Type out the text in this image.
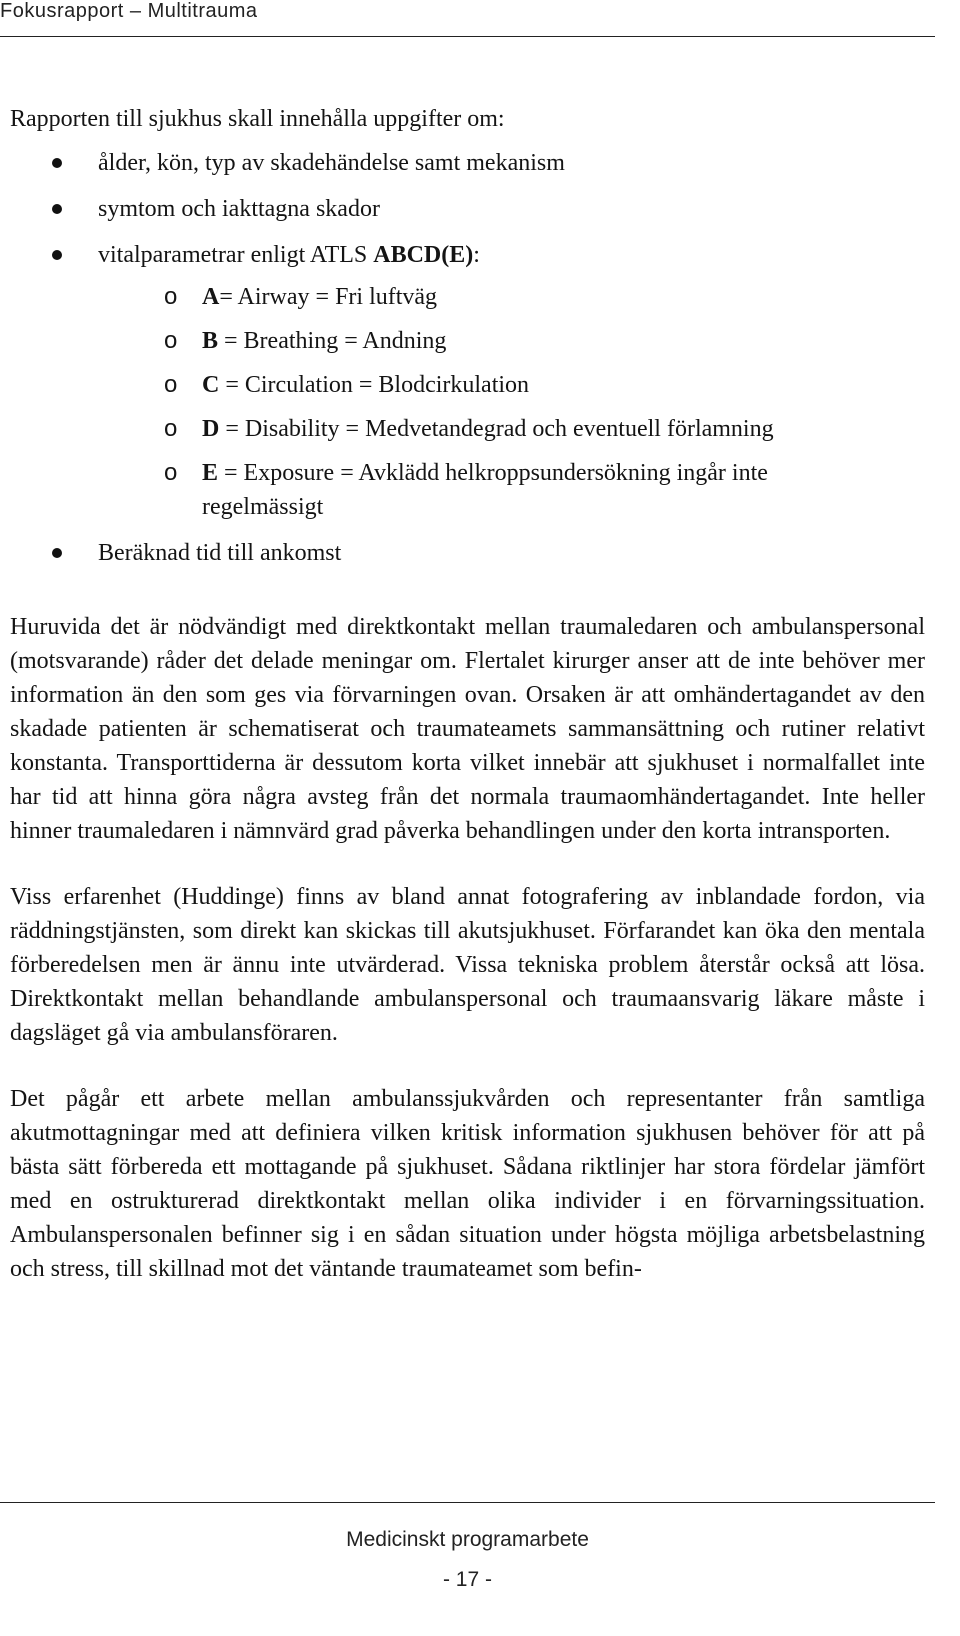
Fokusrapport – Multitrauma

Rapporten till sjukhus skall innehålla uppgifter om:

ålder, kön, typ av skadehändelse samt mekanism
symtom och iakttagna skador
vitalparametrar enligt ATLS ABCD(E):
o A= Airway = Fri luftväg
o B = Breathing = Andning
o C = Circulation = Blodcirkulation
o D = Disability = Medvetandegrad och eventuell förlamning
o E = Exposure = Avklädd helkroppsundersökning ingår inte
regelmässigt
Beräknad tid till ankomst

Huruvida det är nödvändigt med direktkontakt mellan traumaledaren och ambulanspersonal (motsvarande) råder det delade meningar om. Flertalet kirurger anser att de inte behöver mer information än den som ges via förvarningen ovan. Orsaken är att omhändertagandet av den skadade patienten är schematiserat och traumateamets sammansättning och rutiner relativt konstanta. Transporttiderna är dessutom korta vilket innebär att sjukhuset i normalfallet inte har tid att hinna göra några avsteg från det normala traumaomhändertagandet. Inte heller hinner traumaledaren i nämnvärd grad påverka behandlingen under den korta intransporten.

Viss erfarenhet (Huddinge) finns av bland annat fotografering av inblandade fordon, via räddningstjänsten, som direkt kan skickas till akutsjukhuset. Förfarandet kan öka den mentala förberedelsen men är ännu inte utvärderad. Vissa tekniska problem återstår också att lösa. Direktkontakt mellan behandlande ambulanspersonal och traumaansvarig läkare måste i dagsläget gå via ambulansföraren.

Det pågår ett arbete mellan ambulanssjukvården och representanter från samtliga akutmottagningar med att definiera vilken kritisk information sjukhusen behöver för att på bästa sätt förbereda ett mottagande på sjukhuset. Sådana riktlinjer har stora fördelar jämfört med en ostrukturerad direktkontakt mellan olika individer i en förvarningssituation. Ambulanspersonalen befinner sig i en sådan situation under högsta möjliga arbetsbelastning och stress, till skillnad mot det väntande traumateamet som befin-

Medicinskt programarbete
- 17 -
